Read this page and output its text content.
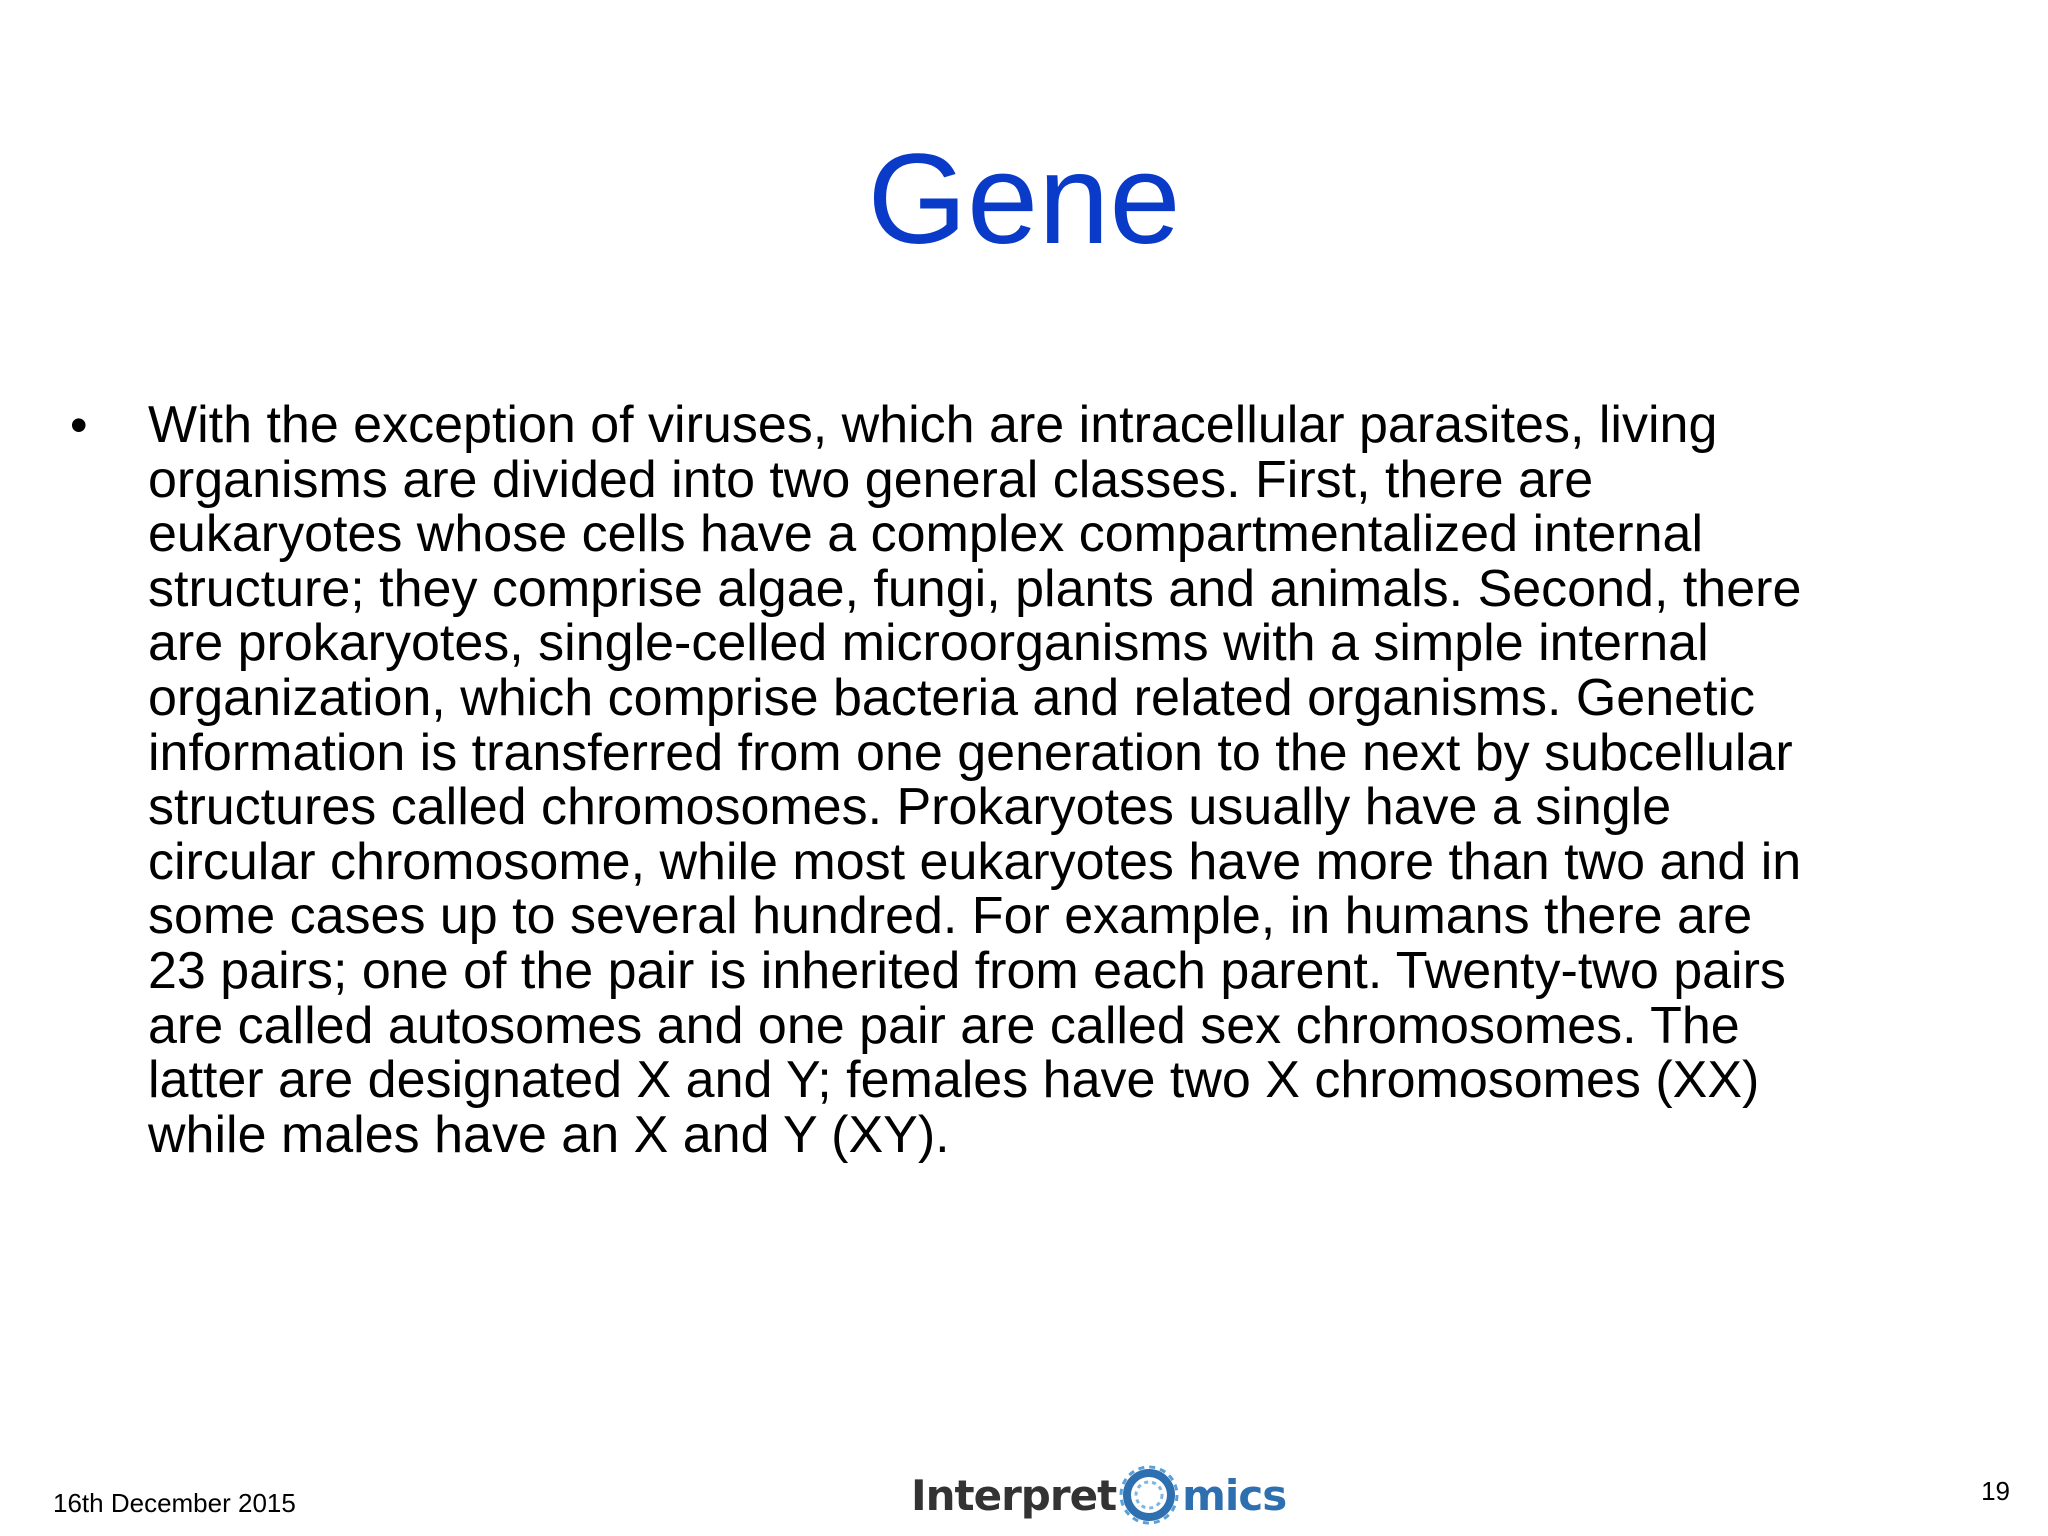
Gene
•	With the exception of viruses, which are intracellular parasites, living
organisms are divided into two general classes. First, there are
eukaryotes whose cells have a complex compartmentalized internal
structure; they comprise algae, fungi, plants and animals. Second, there
are prokaryotes, single-celled microorganisms with a simple internal
organization, which comprise bacteria and related organisms. Genetic
information is transferred from one generation to the next by subcellular
structures called chromosomes. Prokaryotes usually have a single
circular chromosome, while most eukaryotes have more than two and in
some cases up to several hundred. For example, in humans there are
23 pairs; one of the pair is inherited from each parent. Twenty-two pairs
are called autosomes and one pair are called sex chromosomes. The
latter are designated X and Y; females have two X chromosomes (XX)
while males have an X and Y (XY).
16th December 2015	Interpret mics	19
